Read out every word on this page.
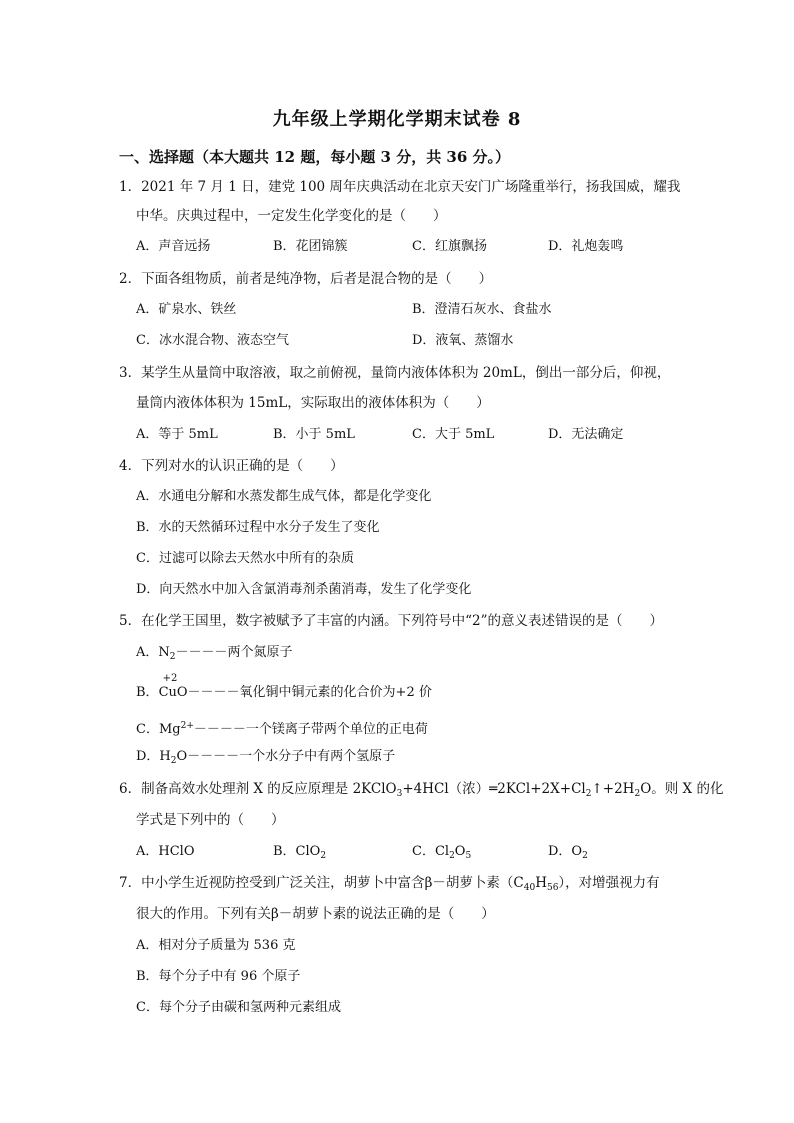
九年级上学期化学期末试卷 8
一、选择题（本大题共 12 题，每小题 3 分，共 36 分。）
1．2021 年 7 月 1 日，建党 100 周年庆典活动在北京天安门广场隆重举行，扬我国威，耀我
中华。庆典过程中，一定发生化学变化的是（　　）
A．声音远扬	B．花团锦簇	C．红旗飘扬	D．礼炮轰鸣
2．下面各组物质，前者是纯净物，后者是混合物的是（　　）
A．矿泉水、铁丝	B．澄清石灰水、食盐水
C．冰水混合物、液态空气	D．液氧、蒸馏水
3．某学生从量筒中取溶液，取之前俯视，量筒内液体体积为 20mL，倒出一部分后，仰视，
量筒内液体体积为 15mL，实际取出的液体体积为（　　）
A．等于 5mL	B．小于 5mL	C．大于 5mL	D．无法确定
4．下列对水的认识正确的是（　　）
A．水通电分解和水蒸发都生成气体，都是化学变化
B．水的天然循环过程中水分子发生了变化
C．过滤可以除去天然水中所有的杂质
D．向天然水中加入含氯消毒剂杀菌消毒，发生了化学变化
5．在化学王国里，数字被赋予了丰富的内涵。下列符号中“2”的意义表述错误的是（　　）
A．$N_2----$两个氮原子
B．
+2
CuO－－－－氧化铜中铜元素的化合价为+2 价
C．$Mg^{2+}----$一个镁离子带两个单位的正电荷
D．$H_2O----$一个水分子中有两个氢原子
6．制备高效水处理剂 X 的反应原理是 2KClO$_3$+4HCl（浓）$═2KCl+2X+Cl_2↑+2H_2O$。则 X 的化
学式是下列中的（　　）
A．HClO	B．ClO$_2$	C．$Cl_2O_5$	D．$O_2$
7．中小学生近视防控受到广泛关注，胡萝卜中富含β－胡萝卜素$(C_{40}H_{56})$，对增强视力有
很大的作用。下列有关β－胡萝卜素的说法正确的是（　　）
A．相对分子质量为 536 克
B．每个分子中有 96 个原子
C．每个分子由碳和氢两种元素组成
